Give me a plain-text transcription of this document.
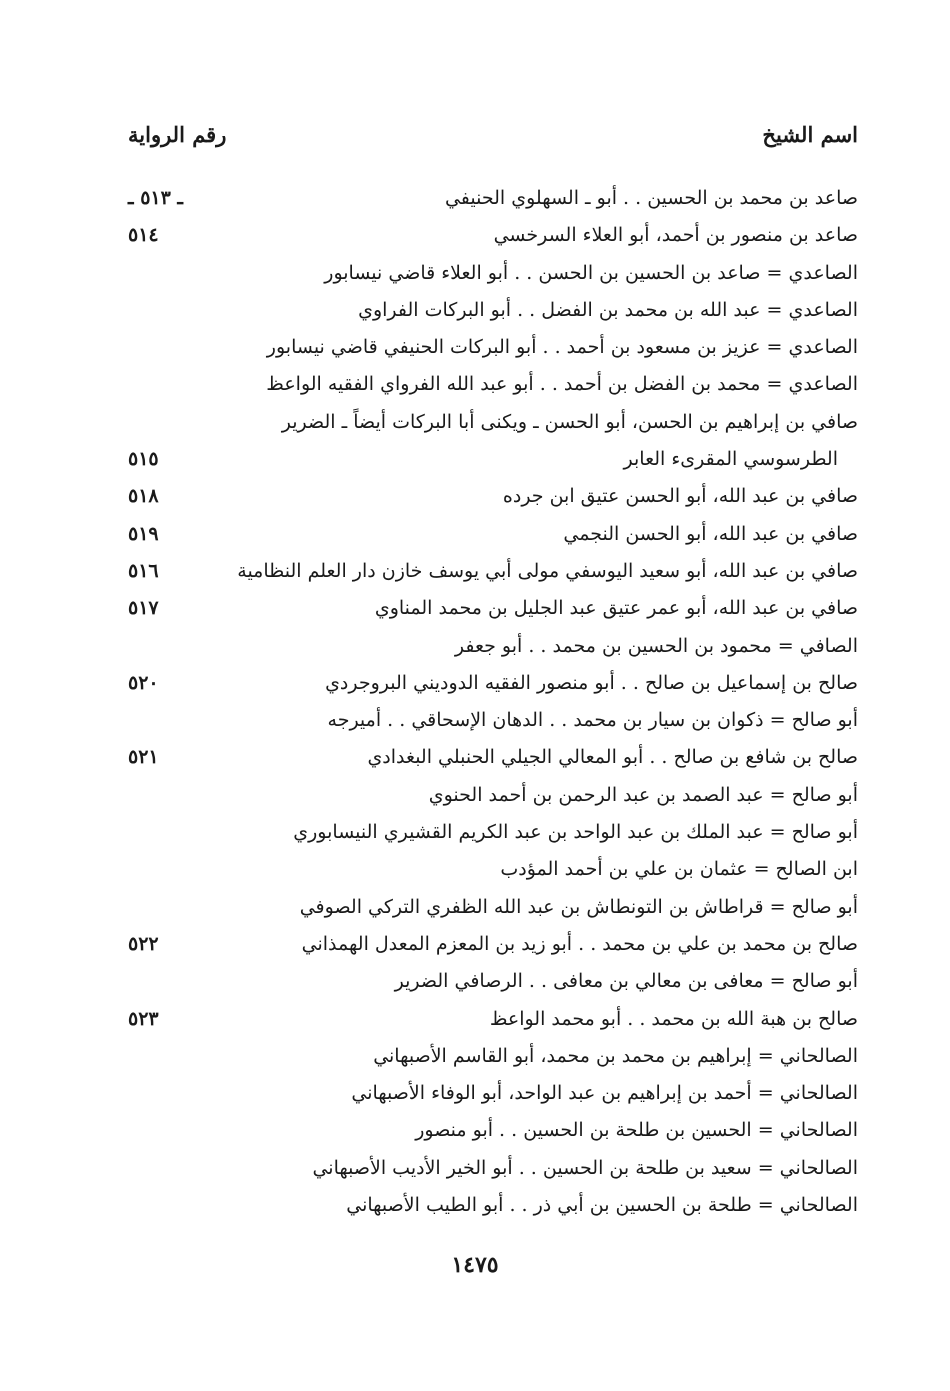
اسم الشيخ
رقم الرواية
صاعد بن محمد بن الحسين . . أبو ـ السهلوي الحنيفي
ـ ٥١٣ ـ
صاعد بن منصور بن أحمد، أبو العلاء السرخسي
٥١٤
الصاعدي = صاعد بن الحسين بن الحسن . . أبو العلاء قاضي نيسابور
الصاعدي = عبد الله بن محمد بن الفضل . . أبو البركات الفراوي
الصاعدي = عزيز بن مسعود بن أحمد . . أبو البركات الحنيفي قاضي نيسابور
الصاعدي = محمد بن الفضل بن أحمد . . أبو عبد الله الفرواي الفقيه الواعظ
صافي بن إبراهيم بن الحسن، أبو الحسن ـ ويكنى أبا البركات أيضاً ـ الضرير
الطرسوسي المقرىء العابر
٥١٥
صافي بن عبد الله، أبو الحسن عتيق ابن جرده
٥١٨
صافي بن عبد الله، أبو الحسن النجمي
٥١٩
صافي بن عبد الله، أبو سعيد اليوسفي مولى أبي يوسف خازن دار العلم النظامية
٥١٦
صافي بن عبد الله، أبو عمر عتيق عبد الجليل بن محمد المناوي
٥١٧
الصافي = محمود بن الحسين بن محمد . . أبو جعفر
صالح بن إسماعيل بن صالح . . أبو منصور الفقيه الدوديني البروجردي
٥٢٠
أبو صالح = ذكوان بن سيار بن محمد . . الدهان الإسحاقي . . أميرجه
صالح بن شافع بن صالح . . أبو المعالي الجيلي الحنبلي البغدادي
٥٢١
أبو صالح = عبد الصمد بن عبد الرحمن بن أحمد الحنوي
أبو صالح = عبد الملك بن عبد الواحد بن عبد الكريم القشيري النيسابوري
ابن الصالح = عثمان بن علي بن أحمد المؤدب
أبو صالح = قراطاش بن التونطاش بن عبد الله الظفري التركي الصوفي
صالح بن محمد بن علي بن محمد . . أبو زيد بن المعزم المعدل الهمذاني
٥٢٢
أبو صالح = معافى بن معالي بن معافى . . الرصافي الضرير
صالح بن هبة الله بن محمد . . أبو محمد الواعظ
٥٢٣
الصالحاني = إبراهيم بن محمد بن محمد، أبو القاسم الأصبهاني
الصالحاني = أحمد بن إبراهيم بن عبد الواحد، أبو الوفاء الأصبهاني
الصالحاني = الحسين بن طلحة بن الحسين . . أبو منصور
الصالحاني = سعيد بن طلحة بن الحسين . . أبو الخير الأديب الأصبهاني
الصالحاني = طلحة بن الحسين بن أبي ذر . . أبو الطيب الأصبهاني
١٤٧٥
